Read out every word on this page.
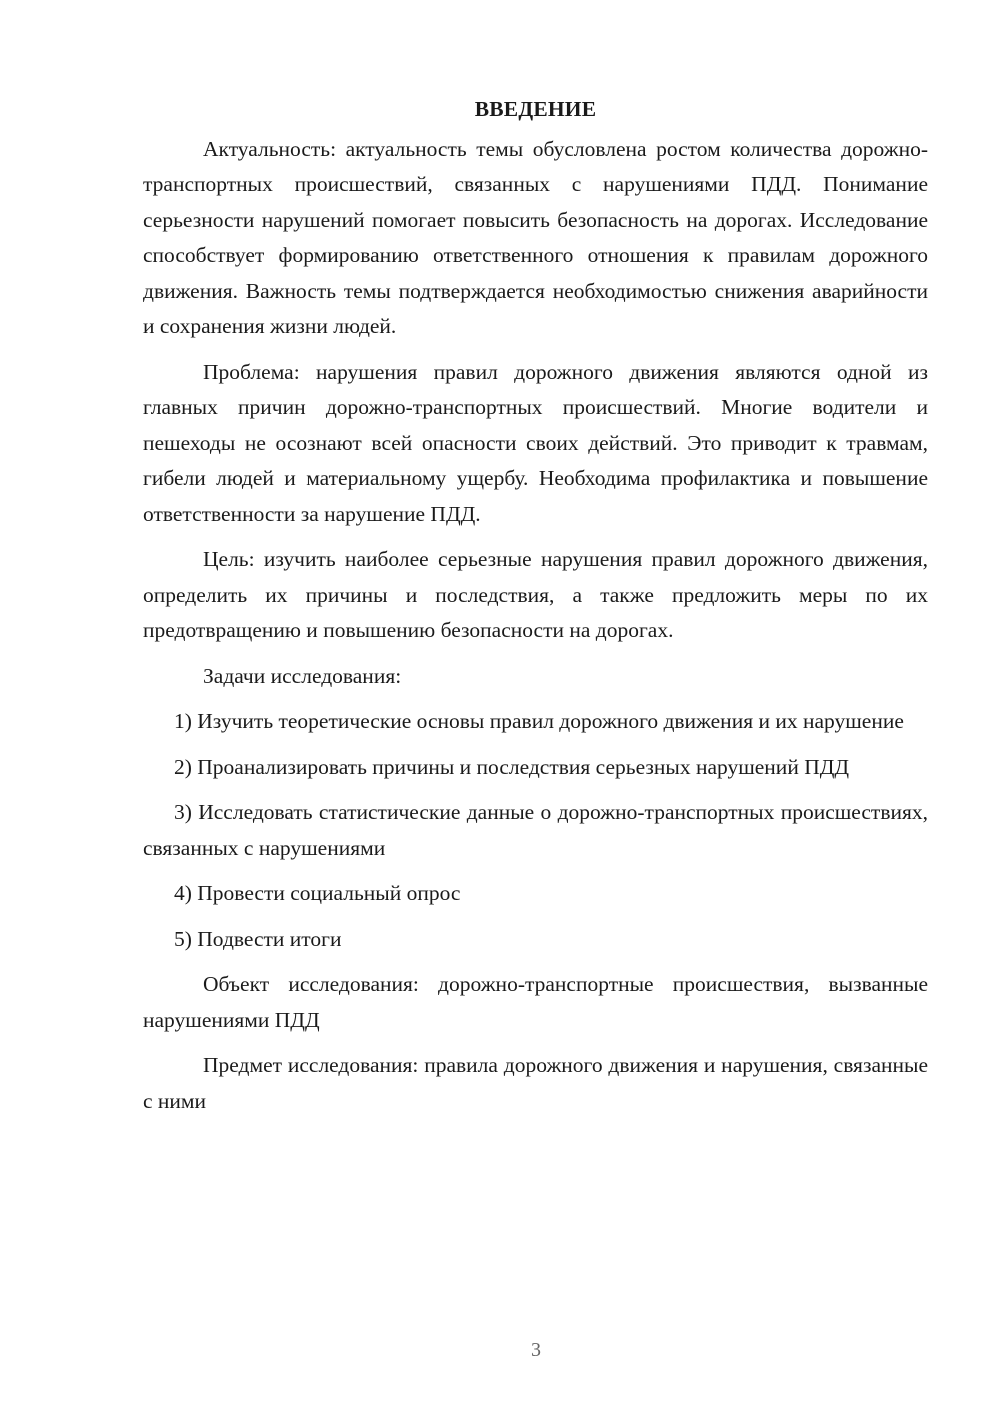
ВВЕДЕНИЕ

Актуальность: актуальность темы обусловлена ростом количества дорожно-транспортных происшествий, связанных с нарушениями ПДД. Понимание серьезности нарушений помогает повысить безопасность на дорогах. Исследование способствует формированию ответственного отношения к правилам дорожного движения. Важность темы подтверждается необходимостью снижения аварийности и сохранения жизни людей.

Проблема: нарушения правил дорожного движения являются одной из главных причин дорожно-транспортных происшествий. Многие водители и пешеходы не осознают всей опасности своих действий. Это приводит к травмам, гибели людей и материальному ущербу. Необходима профилактика и повышение ответственности за нарушение ПДД.

Цель: изучить наиболее серьезные нарушения правил дорожного движения, определить их причины и последствия, а также предложить меры по их предотвращению и повышению безопасности на дорогах.

Задачи исследования:

1) Изучить теоретические основы правил дорожного движения и их нарушение

2) Проанализировать причины и последствия серьезных нарушений ПДД

3) Исследовать статистические данные о дорожно-транспортных происшествиях, связанных с нарушениями

4) Провести социальный опрос

5) Подвести итоги

Объект исследования: дорожно-транспортные происшествия, вызванные нарушениями ПДД

Предмет исследования: правила дорожного движения и нарушения, связанные с ними

3
